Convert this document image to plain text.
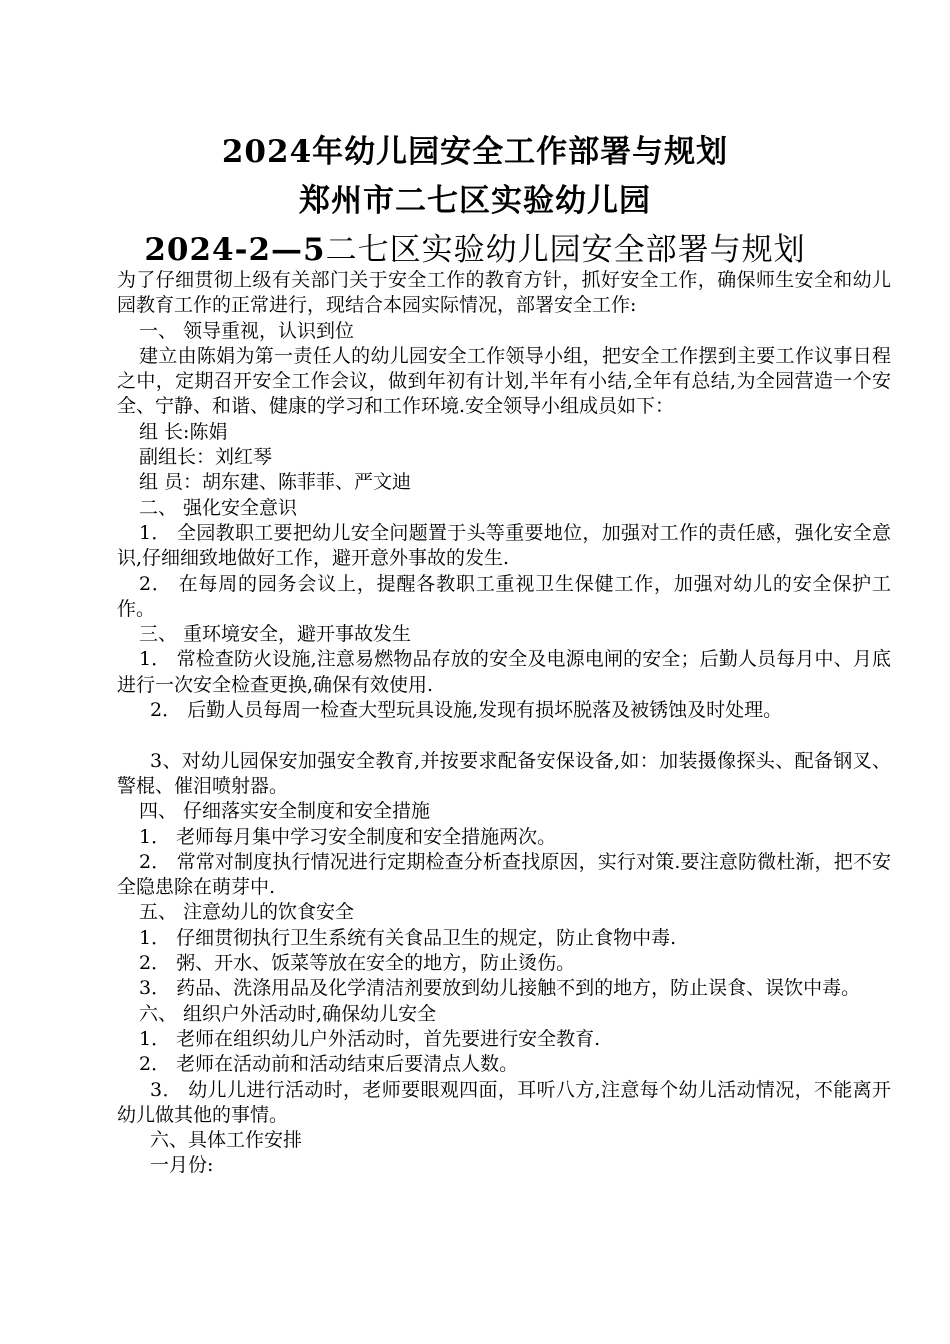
2024年幼儿园安全工作部署与规划
郑州市二七区实验幼儿园
2024-2—5二七区实验幼儿园安全部署与规划

为了仔细贯彻上级有关部门关于安全工作的教育方针，抓好安全工作，确保师生安全和幼儿园教育工作的正常进行，现结合本园实际情况，部署安全工作:

一、 领导重视，认识到位

建立由陈娟为第一责任人的幼儿园安全工作领导小组，把安全工作摆到主要工作议事日程之中，定期召开安全工作会议，做到年初有计划,半年有小结,全年有总结,为全园营造一个安全、宁静、和谐、健康的学习和工作环境.安全领导小组成员如下：

组 长:陈娟

副组长：刘红琴

组 员：胡东建、陈菲菲、严文迪

二、 强化安全意识

1． 全园教职工要把幼儿安全问题置于头等重要地位，加强对工作的责任感，强化安全意识,仔细细致地做好工作，避开意外事故的发生.

2． 在每周的园务会议上，提醒各教职工重视卫生保健工作，加强对幼儿的安全保护工作。

三、 重环境安全，避开事故发生

1． 常检查防火设施,注意易燃物品存放的安全及电源电闸的安全；后勤人员每月中、月底进行一次安全检查更换,确保有效使用.

2． 后勤人员每周一检查大型玩具设施,发现有损坏脱落及被锈蚀及时处理。

3、对幼儿园保安加强安全教育,并按要求配备安保设备,如：加装摄像探头、配备钢叉、警棍、催泪喷射器。

四、 仔细落实安全制度和安全措施

1． 老师每月集中学习安全制度和安全措施两次。

2． 常常对制度执行情况进行定期检查分析查找原因，实行对策.要注意防微杜渐，把不安全隐患除在萌芽中.

五、 注意幼儿的饮食安全

1． 仔细贯彻执行卫生系统有关食品卫生的规定，防止食物中毒.

2． 粥、开水、饭菜等放在安全的地方，防止烫伤。

3． 药品、洗涤用品及化学清洁剂要放到幼儿接触不到的地方，防止误食、误饮中毒。

六、 组织户外活动时,确保幼儿安全

1． 老师在组织幼儿户外活动时，首先要进行安全教育.

2． 老师在活动前和活动结束后要清点人数。

3． 幼儿儿进行活动时，老师要眼观四面，耳听八方,注意每个幼儿活动情况，不能离开幼儿做其他的事情。

六、具体工作安排

一月份:
